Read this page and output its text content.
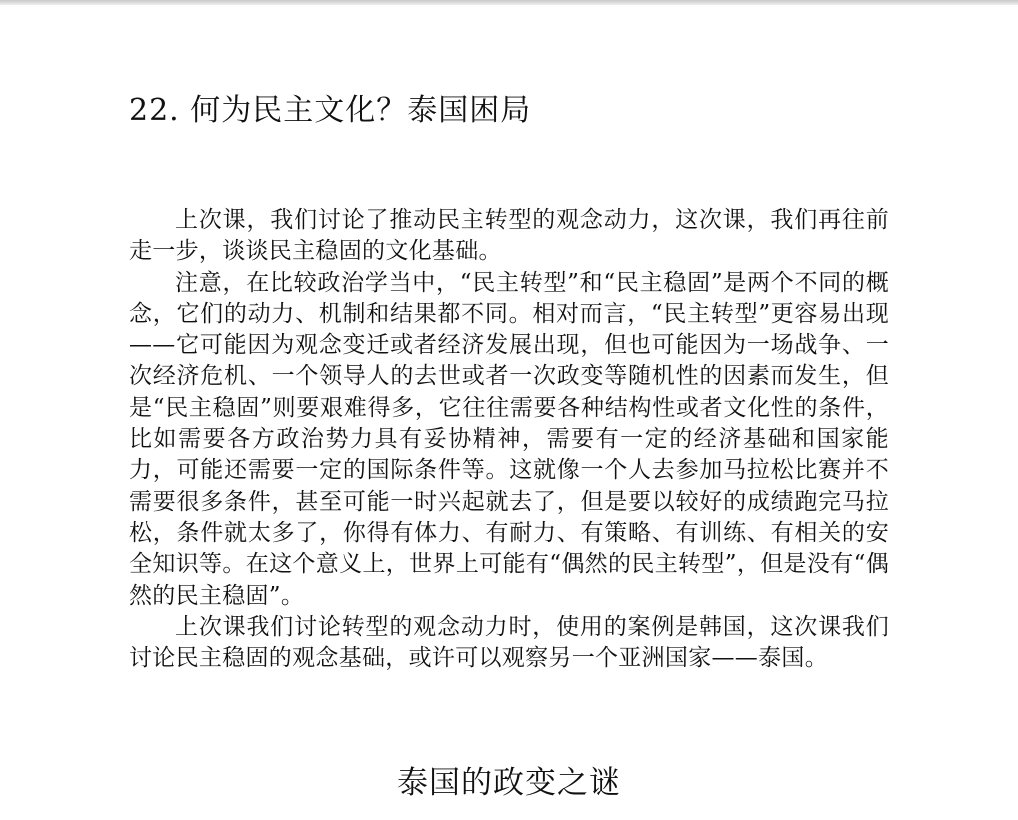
22. 何为民主文化？泰国困局

上次课，我们讨论了推动民主转型的观念动力，这次课，我们再往前走一步，谈谈民主稳固的文化基础。

注意，在比较政治学当中，“民主转型”和“民主稳固”是两个不同的概念，它们的动力、机制和结果都不同。相对而言，“民主转型”更容易出现——它可能因为观念变迁或者经济发展出现，但也可能因为一场战争、一次经济危机、一个领导人的去世或者一次政变等随机性的因素而发生，但是“民主稳固”则要艰难得多，它往往需要各种结构性或者文化性的条件，比如需要各方政治势力具有妥协精神，需要有一定的经济基础和国家能力，可能还需要一定的国际条件等。这就像一个人去参加马拉松比赛并不需要很多条件，甚至可能一时兴起就去了，但是要以较好的成绩跑完马拉松，条件就太多了，你得有体力、有耐力、有策略、有训练、有相关的安全知识等。在这个意义上，世界上可能有“偶然的民主转型”，但是没有“偶然的民主稳固”。

上次课我们讨论转型的观念动力时，使用的案例是韩国，这次课我们讨论民主稳固的观念基础，或许可以观察另一个亚洲国家——泰国。

泰国的政变之谜
